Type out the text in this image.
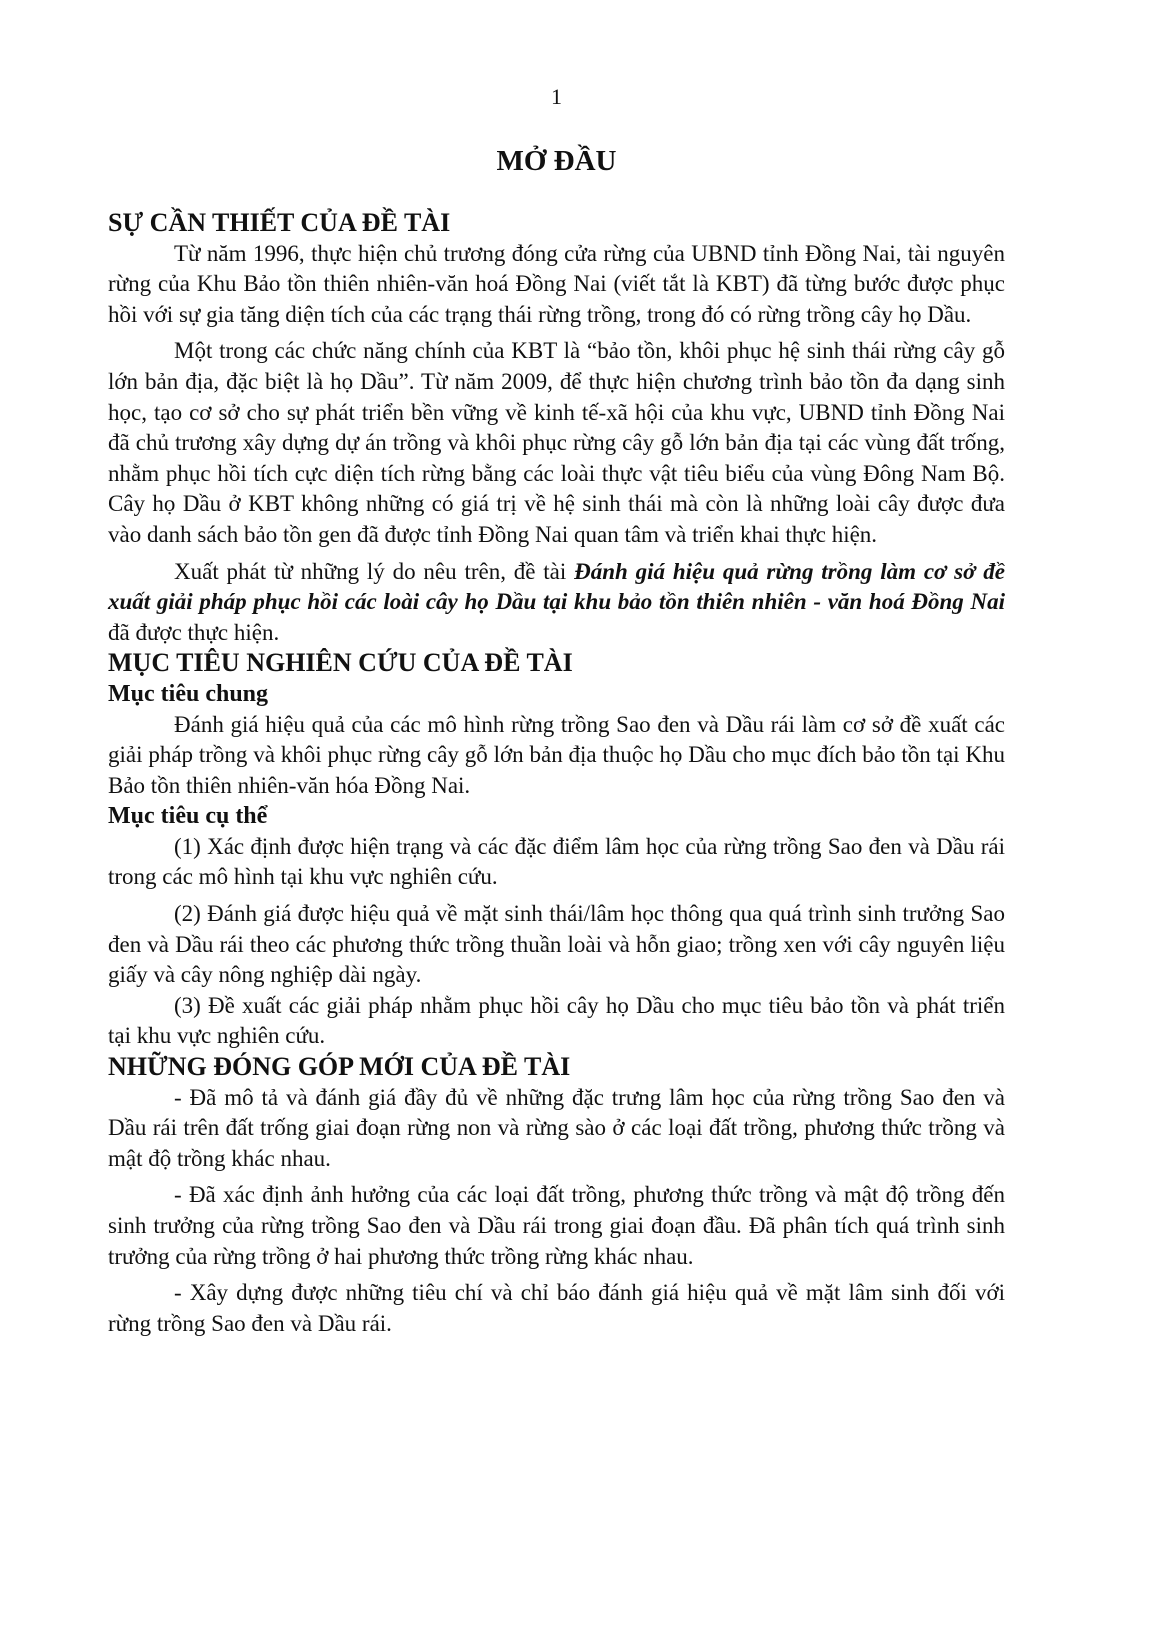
1

MỞ ĐẦU
SỰ CẦN THIẾT CỦA ĐỀ TÀI

Từ năm 1996, thực hiện chủ trương đóng cửa rừng của UBND tỉnh Đồng Nai, tài nguyên rừng của Khu Bảo tồn thiên nhiên-văn hoá Đồng Nai (viết tắt là KBT) đã từng bước được phục hồi với sự gia tăng diện tích của các trạng thái rừng trồng, trong đó có rừng trồng cây họ Dầu.

Một trong các chức năng chính của KBT là “bảo tồn, khôi phục hệ sinh thái rừng cây gỗ lớn bản địa, đặc biệt là họ Dầu”. Từ năm 2009, để thực hiện chương trình bảo tồn đa dạng sinh học, tạo cơ sở cho sự phát triển bền vững về kinh tế-xã hội của khu vực, UBND tỉnh Đồng Nai đã chủ trương xây dựng dự án trồng và khôi phục rừng cây gỗ lớn bản địa tại các vùng đất trống, nhằm phục hồi tích cực diện tích rừng bằng các loài thực vật tiêu biểu của vùng Đông Nam Bộ. Cây họ Dầu ở KBT không những có giá trị về hệ sinh thái mà còn là những loài cây được đưa vào danh sách bảo tồn gen đã được tỉnh Đồng Nai quan tâm và triển khai thực hiện.

Xuất phát từ những lý do nêu trên, đề tài Đánh giá hiệu quả rừng trồng làm cơ sở đề xuất giải pháp phục hồi các loài cây họ Dầu tại khu bảo tồn thiên nhiên - văn hoá Đồng Nai đã được thực hiện.

MỤC TIÊU NGHIÊN CỨU CỦA ĐỀ TÀI
Mục tiêu chung

Đánh giá hiệu quả của các mô hình rừng trồng Sao đen và Dầu rái làm cơ sở đề xuất các giải pháp trồng và khôi phục rừng cây gỗ lớn bản địa thuộc họ Dầu cho mục đích bảo tồn tại Khu Bảo tồn thiên nhiên-văn hóa Đồng Nai.

Mục tiêu cụ thể

(1) Xác định được hiện trạng và các đặc điểm lâm học của rừng trồng Sao đen và Dầu rái trong các mô hình tại khu vực nghiên cứu.

(2) Đánh giá được hiệu quả về mặt sinh thái/lâm học thông qua quá trình sinh trưởng Sao đen và Dầu rái theo các phương thức trồng thuần loài và hỗn giao; trồng xen với cây nguyên liệu giấy và cây nông nghiệp dài ngày.

(3) Đề xuất các giải pháp nhằm phục hồi cây họ Dầu cho mục tiêu bảo tồn và phát triển tại khu vực nghiên cứu.

NHỮNG ĐÓNG GÓP MỚI CỦA ĐỀ TÀI

- Đã mô tả và đánh giá đầy đủ về những đặc trưng lâm học của rừng trồng Sao đen và Dầu rái trên đất trống giai đoạn rừng non và rừng sào ở các loại đất trồng, phương thức trồng và mật độ trồng khác nhau.

- Đã xác định ảnh hưởng của các loại đất trồng, phương thức trồng và mật độ trồng đến sinh trưởng của rừng trồng Sao đen và Dầu rái trong giai đoạn đầu. Đã phân tích quá trình sinh trưởng của rừng trồng ở hai phương thức trồng rừng khác nhau.

- Xây dựng được những tiêu chí và chỉ báo đánh giá hiệu quả về mặt lâm sinh đối với rừng trồng Sao đen và Dầu rái.
